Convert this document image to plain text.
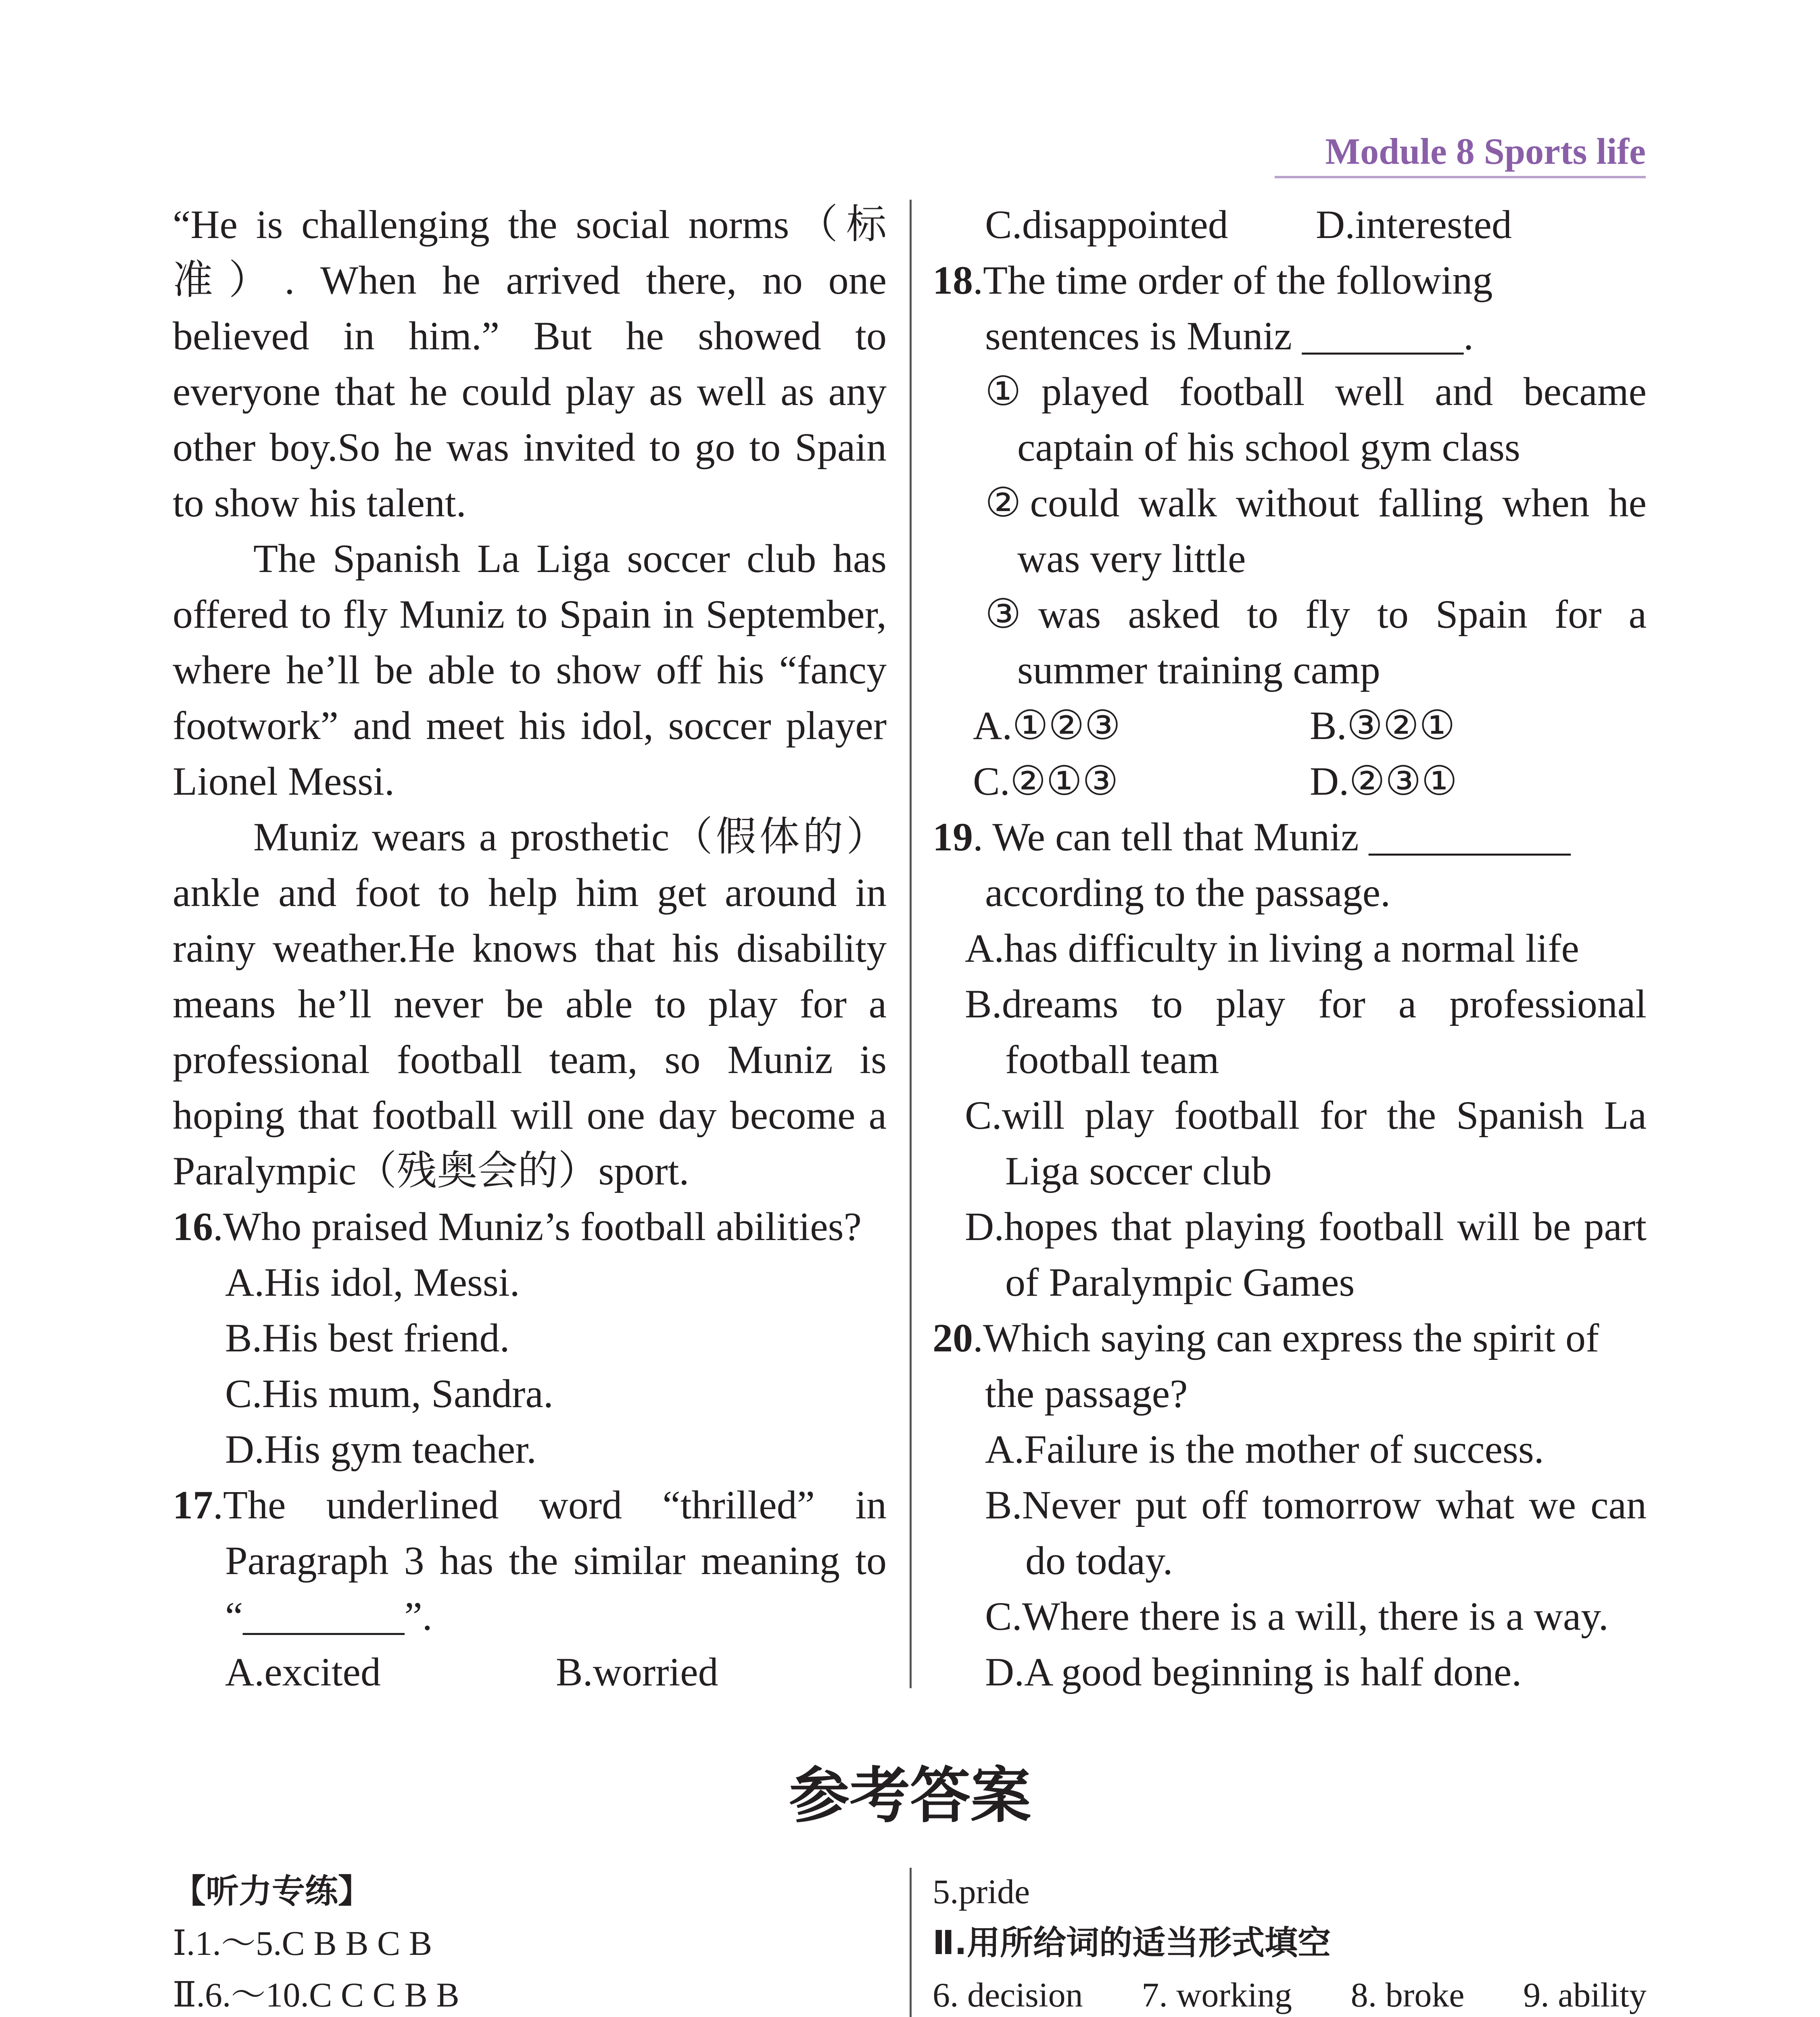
Module 8 Sports life

“He is challenging the social norms（标准）. When he arrived there, no one believed in him.” But he showed to everyone that he could play as well as any other boy.So he was invited to go to Spain to show his talent.

The Spanish La Liga soccer club has offered to fly Muniz to Spain in September, where he’ll be able to show off his “fancy footwork” and meet his idol, soccer player Lionel Messi.

Muniz wears a prosthetic（假体的）ankle and foot to help him get around in rainy weather.He knows that his disability means he’ll never be able to play for a professional football team, so Muniz is hoping that football will one day become a Paralympic（残奥会的）sport.

16.Who praised Muniz’s football abilities?
A.His idol, Messi.
B.His best friend.
C.His mum, Sandra.
D.His gym teacher.
17.The underlined word “thrilled” in Paragraph 3 has the similar meaning to “________”.
A.excited	B.worried
C.disappointed	D.interested
18.The time order of the following sentences is Muniz ________.
①played football well and became captain of his school gym class
②could walk without falling when he was very little
③was asked to fly to Spain for a summer training camp
A.①②③	B.③②①
C.②①③	D.②③①
19. We can tell that Muniz __________ according to the passage.
A.has difficulty in living a normal life
B.dreams to play for a professional football team
C.will play football for the Spanish La Liga soccer club
D.hopes that playing football will be part of Paralympic Games
20.Which saying can express the spirit of the passage?
A.Failure is the mother of success.
B.Never put off tomorrow what we can do today.
C.Where there is a will, there is a way.
D.A good beginning is half done.
参考答案
【听力专练】
Ⅰ.1.～5.C B B C B
Ⅱ.6.～10.C C C B B
5.pride
Ⅱ.用所给词的适当形式填空
6. decision 7. working 8. broke 9. ability
